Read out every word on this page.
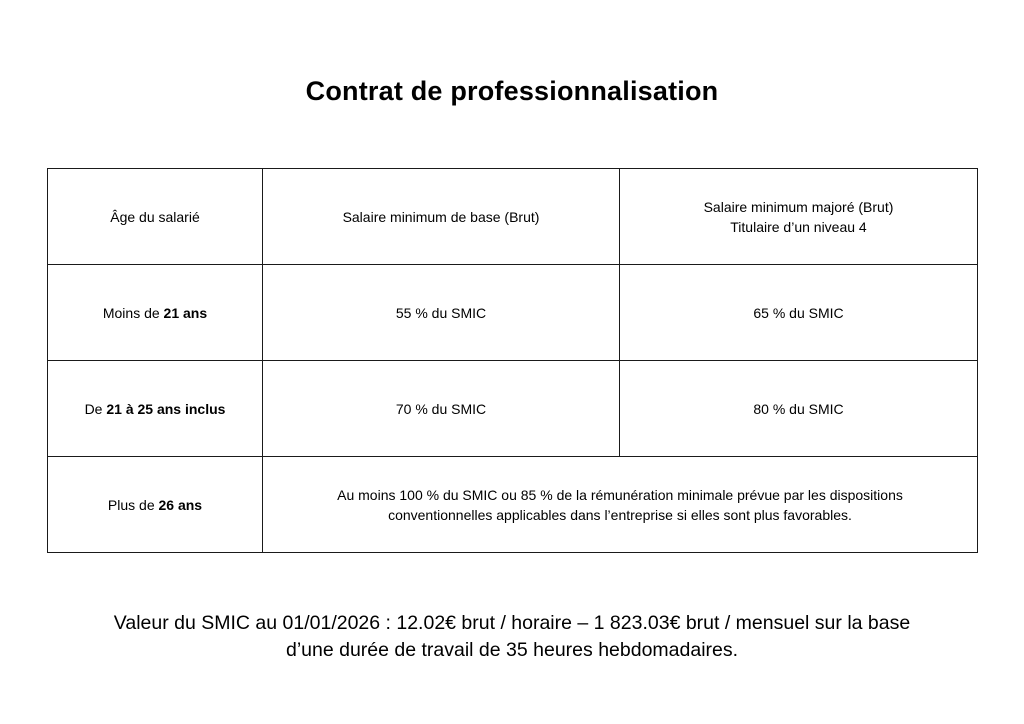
Contrat de professionnalisation
Âge du salarié	Salaire minimum de base (Brut)	Salaire minimum majoré (Brut)
Titulaire d’un niveau 4

Moins de 21 ans	55 % du SMIC	65 % du SMIC
De 21 à 25 ans inclus	70 % du SMIC	80 % du SMIC
Plus de 26 ans	Au moins 100 % du SMIC ou 85 % de la rémunération minimale prévue par les dispositions
conventionnelles applicables dans l’entreprise si elles sont plus favorables.	
Valeur du SMIC au 01/01/2026 : 12.02€ brut / horaire – 1 823.03€ brut / mensuel sur la base
d’une durée de travail de 35 heures hebdomadaires.
